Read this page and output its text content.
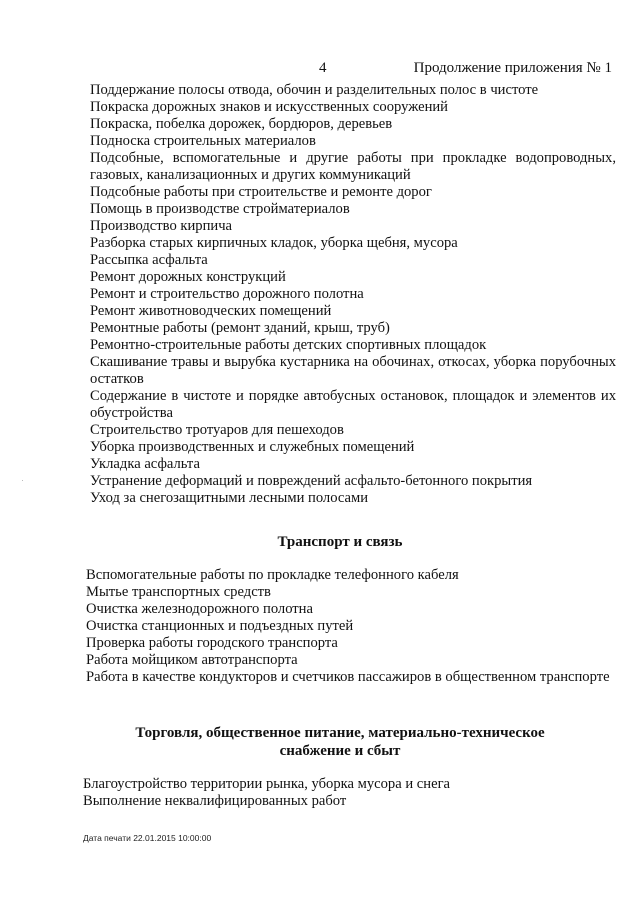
4	Продолжение приложения № 1
Поддержание полосы отвода, обочин и разделительных полос в чистоте
Покраска дорожных знаков и искусственных сооружений
Покраска, побелка дорожек, бордюров, деревьев
Подноска строительных материалов
Подсобные, вспомогательные и другие работы при прокладке водопроводных, газовых, канализационных и других коммуникаций
Подсобные работы при строительстве и ремонте дорог
Помощь в производстве стройматериалов
Производство кирпича
Разборка старых кирпичных кладок, уборка щебня, мусора
Рассыпка асфальта
Ремонт дорожных конструкций
Ремонт и строительство дорожного полотна
Ремонт животноводческих помещений
Ремонтные работы (ремонт зданий, крыш, труб)
Ремонтно-строительные работы детских спортивных площадок
Скашивание травы и вырубка кустарника на обочинах, откосах, уборка порубочных остатков
Содержание в чистоте и порядке автобусных остановок, площадок и элементов их обустройства
Строительство тротуаров для пешеходов
Уборка производственных и служебных помещений
Укладка асфальта
Устранение деформаций и повреждений асфальто-бетонного покрытия
Уход за снегозащитными лесными полосами
Транспорт и связь
Вспомогательные работы по прокладке телефонного кабеля
Мытье транспортных средств
Очистка железнодорожного полотна
Очистка станционных и подъездных путей
Проверка работы городского транспорта
Работа мойщиком автотранспорта
Работа в качестве кондукторов и счетчиков пассажиров в общественном транспорте
Торговля, общественное питание, материально-техническое
снабжение и сбыт
Благоустройство территории рынка, уборка мусора и снега
Выполнение неквалифицированных работ
Дата печати 22.01.2015 10:00:00
